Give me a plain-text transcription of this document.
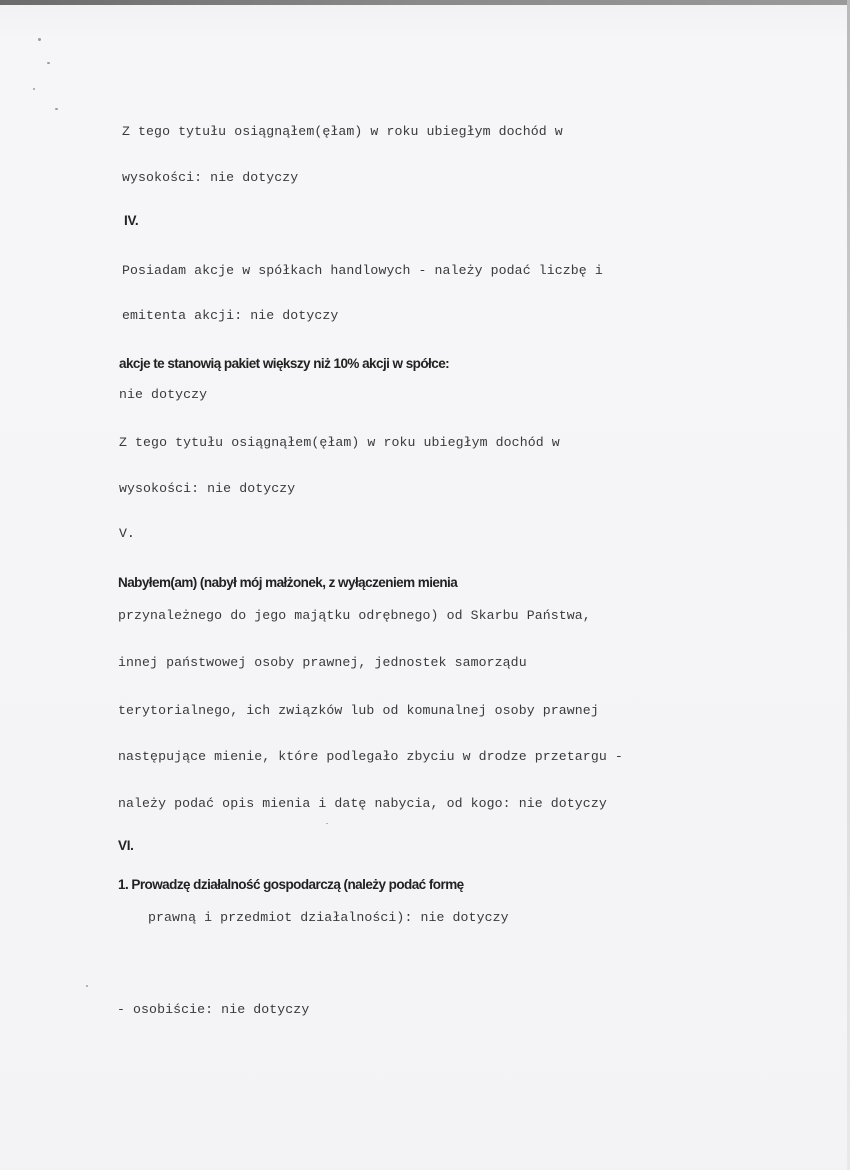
Z tego tytułu osiągnąłem(ęłam) w roku ubiegłym dochód w

wysokości: nie dotyczy

IV.

Posiadam akcje w spółkach handlowych - należy podać liczbę i

emitenta akcji: nie dotyczy

akcje te stanowią pakiet większy niż 10% akcji w spółce:

nie dotyczy

Z tego tytułu osiągnąłem(ęłam) w roku ubiegłym dochód w

wysokości: nie dotyczy

V.

Nabyłem(am) (nabył mój małżonek, z wyłączeniem mienia

przynależnego do jego majątku odrębnego) od Skarbu Państwa,

innej państwowej osoby prawnej, jednostek samorządu

terytorialnego, ich związków lub od komunalnej osoby prawnej

następujące mienie, które podlegało zbyciu w drodze przetargu -

należy podać opis mienia i datę nabycia, od kogo: nie dotyczy

VI.

1. Prowadzę działalność gospodarczą (należy podać formę

prawną i przedmiot działalności): nie dotyczy

- osobiście: nie dotyczy
